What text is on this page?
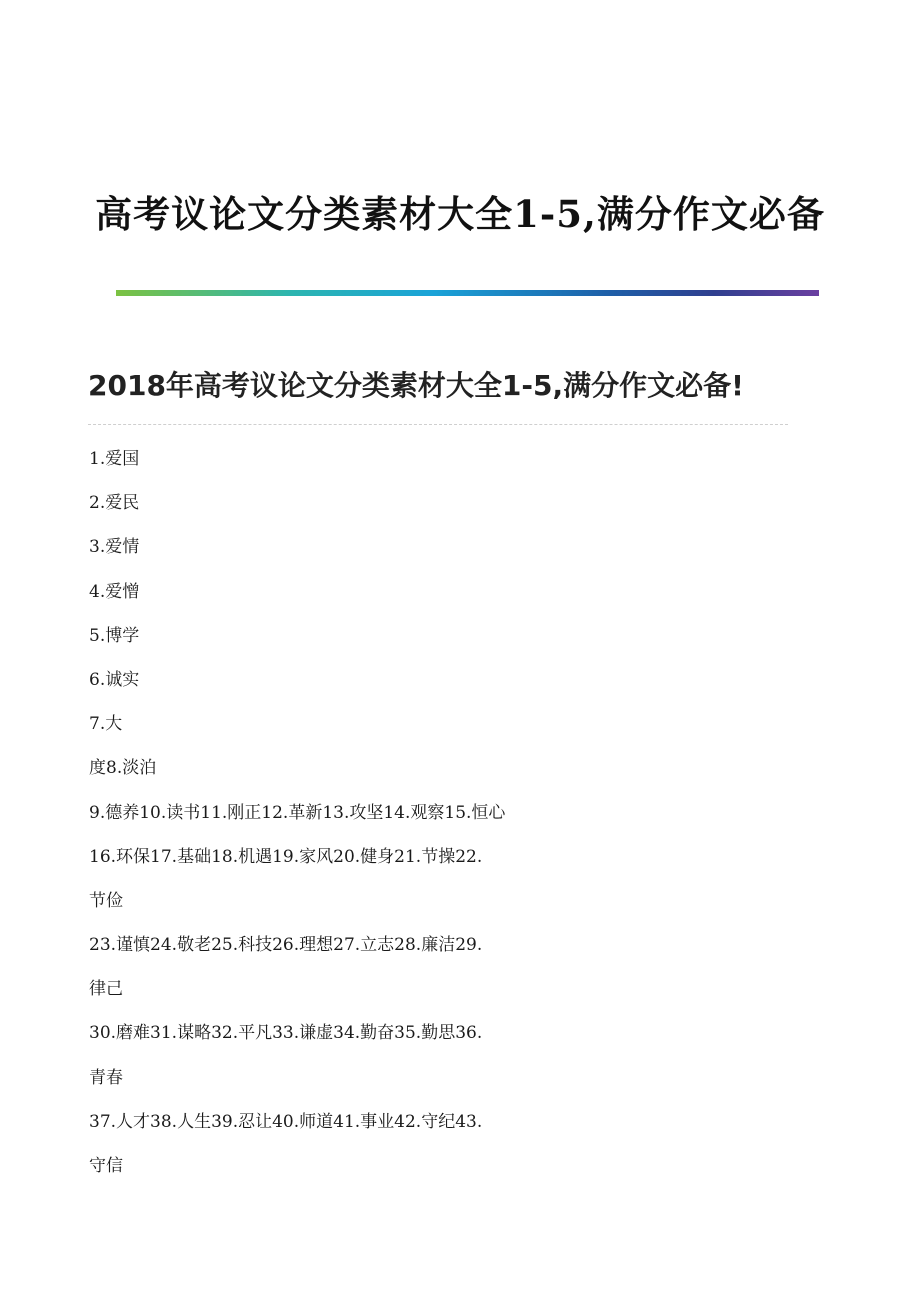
高考议论文分类素材大全1-5,满分作文必备
2018年高考议论文分类素材大全1-5,满分作文必备!
1.爱国
2.爱民
3.爱情
4.爱憎
5.博学
6.诚实
7.大
度8.淡泊
9.德养10.读书11.刚正12.革新13.攻坚14.观察15.恒心
16.环保17.基础18.机遇19.家风20.健身21.节操22.
节俭
23.谨慎24.敬老25.科技26.理想27.立志28.廉洁29.
律己
30.磨难31.谋略32.平凡33.谦虚34.勤奋35.勤思36.
青春
37.人才38.人生39.忍让40.师道41.事业42.守纪43.
守信
